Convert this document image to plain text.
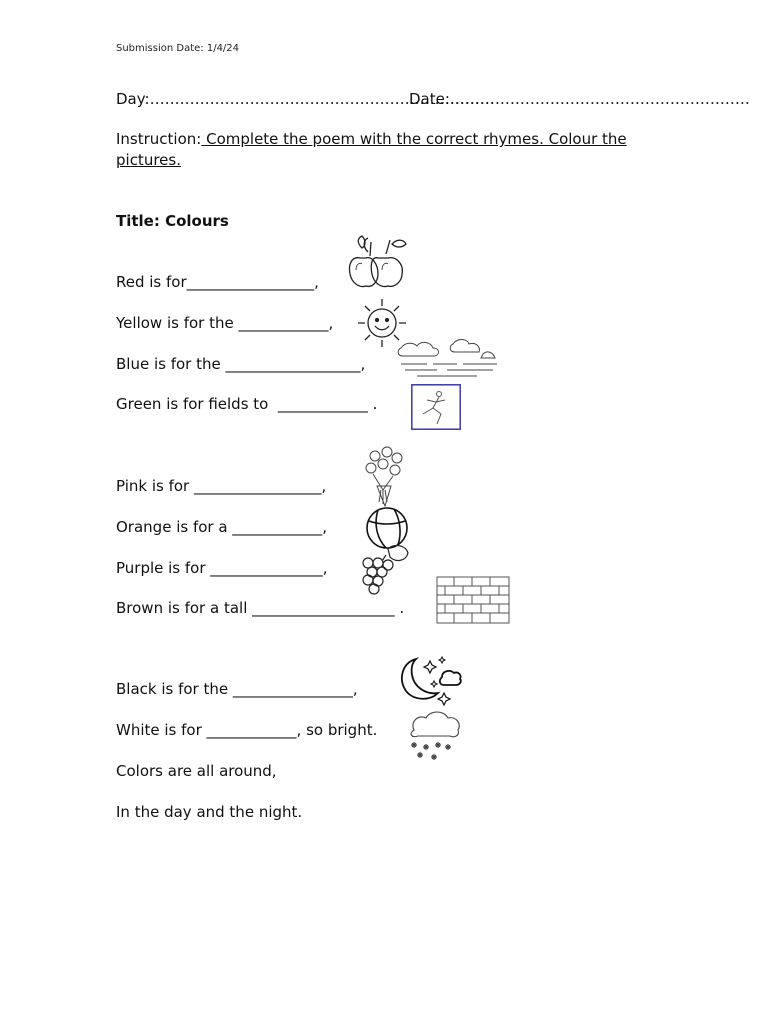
Submission Date: 1/4/24
Day:……………………………………………………………
Date:……………………………………………………
Instruction: Complete the poem with the correct rhymes. Colour the pictures.
Title: Colours
Red is for_________________,
Yellow is for the ____________,
Blue is for the __________________,
Green is for fields to  ____________ .
Pink is for _________________,
Orange is for a ____________,
Purple is for _______________,
Brown is for a tall ___________________ .
Black is for the ________________,
White is for ____________, so bright.
Colors are all around,
In the day and the night.
